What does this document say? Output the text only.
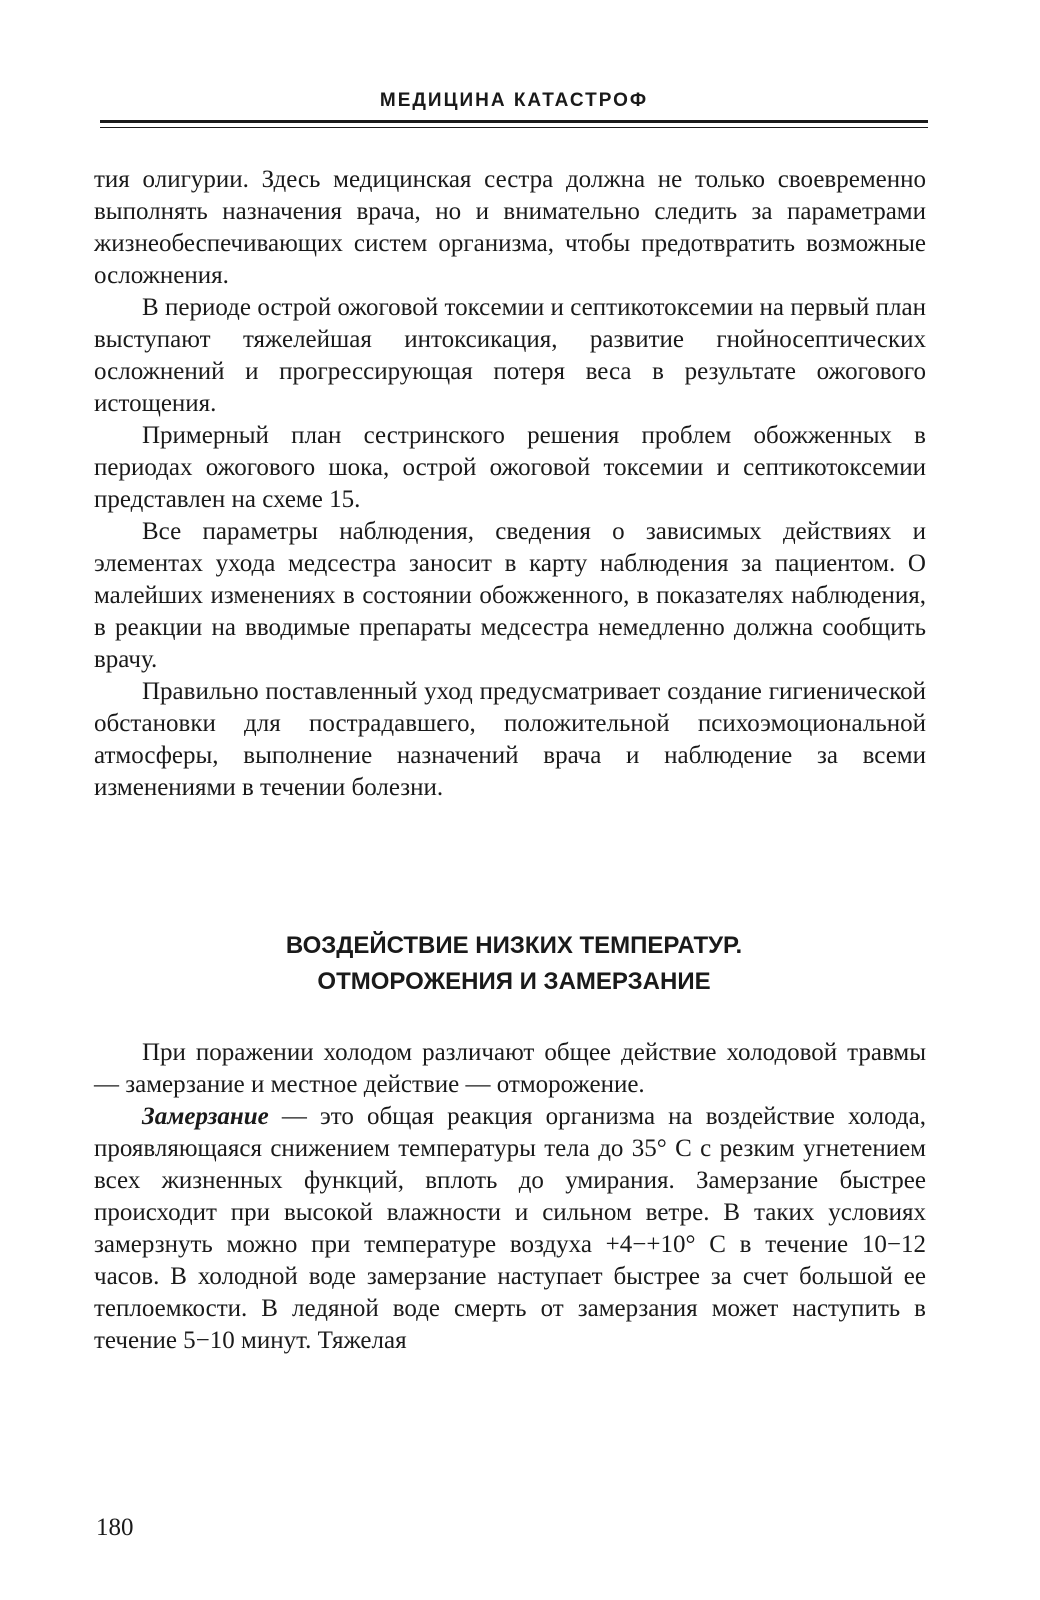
МЕДИЦИНА КАТАСТРОФ

тия олигурии. Здесь медицинская сестра должна не только своевременно выполнять назначения врача, но и внимательно следить за параметрами жизнеобеспечивающих систем организма, чтобы предотвратить возможные осложнения.

В периоде острой ожоговой токсемии и септикотоксемии на первый план выступают тяжелейшая интоксикация, развитие гнойносептических осложнений и прогрессирующая потеря веса в результате ожогового истощения.

Примерный план сестринского решения проблем обожженных в периодах ожогового шока, острой ожоговой токсемии и септикотоксемии представлен на схеме 15.

Все параметры наблюдения, сведения о зависимых действиях и элементах ухода медсестра заносит в карту наблюдения за пациентом. О малейших изменениях в состоянии обожженного, в показателях наблюдения, в реакции на вводимые препараты медсестра немедленно должна сообщить врачу.

Правильно поставленный уход предусматривает создание гигиенической обстановки для пострадавшего, положительной психоэмоциональной атмосферы, выполнение назначений врача и наблюдение за всеми изменениями в течении болезни.

ВОЗДЕЙСТВИЕ НИЗКИХ ТЕМПЕРАТУР.
ОТМОРОЖЕНИЯ И ЗАМЕРЗАНИЕ

При поражении холодом различают общее действие холодовой травмы — замерзание и местное действие — отморожение.

Замерзание — это общая реакция организма на воздействие холода, проявляющаяся снижением температуры тела до 35° С с резким угнетением всех жизненных функций, вплоть до умирания. Замерзание быстрее происходит при высокой влажности и сильном ветре. В таких условиях замерзнуть можно при температуре воздуха +4−+10° С в течение 10−12 часов. В холодной воде замерзание наступает быстрее за счет большой ее теплоемкости. В ледяной воде смерть от замерзания может наступить в течение 5−10 минут. Тяжелая

180
